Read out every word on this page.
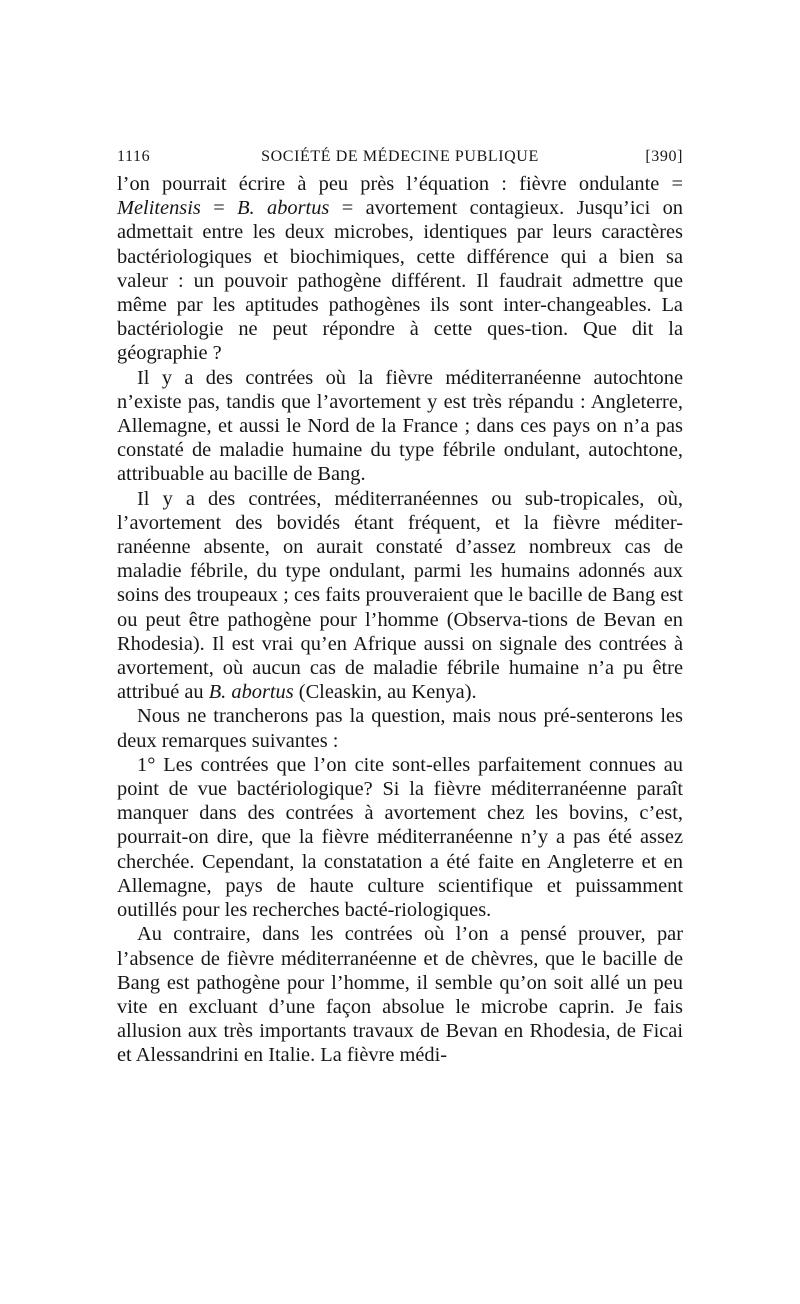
1116	SOCIÉTÉ DE MÉDECINE PUBLIQUE	[390]

l’on pourrait écrire à peu près l’équation : fièvre ondulante = Melitensis = B. abortus = avortement contagieux. Jusqu’ici on admettait entre les deux microbes, identiques par leurs caractères bactériologiques et biochimiques, cette différence qui a bien sa valeur : un pouvoir pathogène différent. Il faudrait admettre que même par les aptitudes pathogènes ils sont inter-changeables. La bactériologie ne peut répondre à cette ques-tion. Que dit la géographie ?

Il y a des contrées où la fièvre méditerranéenne autochtone n’existe pas, tandis que l’avortement y est très répandu : Angleterre, Allemagne, et aussi le Nord de la France ; dans ces pays on n’a pas constaté de maladie humaine du type fébrile ondulant, autochtone, attribuable au bacille de Bang.

Il y a des contrées, méditerranéennes ou sub-tropicales, où, l’avortement des bovidés étant fréquent, et la fièvre méditer-ranéenne absente, on aurait constaté d’assez nombreux cas de maladie fébrile, du type ondulant, parmi les humains adonnés aux soins des troupeaux ; ces faits prouveraient que le bacille de Bang est ou peut être pathogène pour l’homme (Observa-tions de Bevan en Rhodesia). Il est vrai qu’en Afrique aussi on signale des contrées à avortement, où aucun cas de maladie fébrile humaine n’a pu être attribué au B. abortus (Cleaskin, au Kenya).

Nous ne trancherons pas la question, mais nous pré-senterons les deux remarques suivantes :

1° Les contrées que l’on cite sont-elles parfaitement connues au point de vue bactériologique? Si la fièvre méditerranéenne paraît manquer dans des contrées à avortement chez les bovins, c’est, pourrait-on dire, que la fièvre méditerranéenne n’y a pas été assez cherchée. Cependant, la constatation a été faite en Angleterre et en Allemagne, pays de haute culture scientifique et puissamment outillés pour les recherches bacté-riologiques.

Au contraire, dans les contrées où l’on a pensé prouver, par l’absence de fièvre méditerranéenne et de chèvres, que le bacille de Bang est pathogène pour l’homme, il semble qu’on soit allé un peu vite en excluant d’une façon absolue le microbe caprin. Je fais allusion aux très importants travaux de Bevan en Rhodesia, de Ficai et Alessandrini en Italie. La fièvre médi-
